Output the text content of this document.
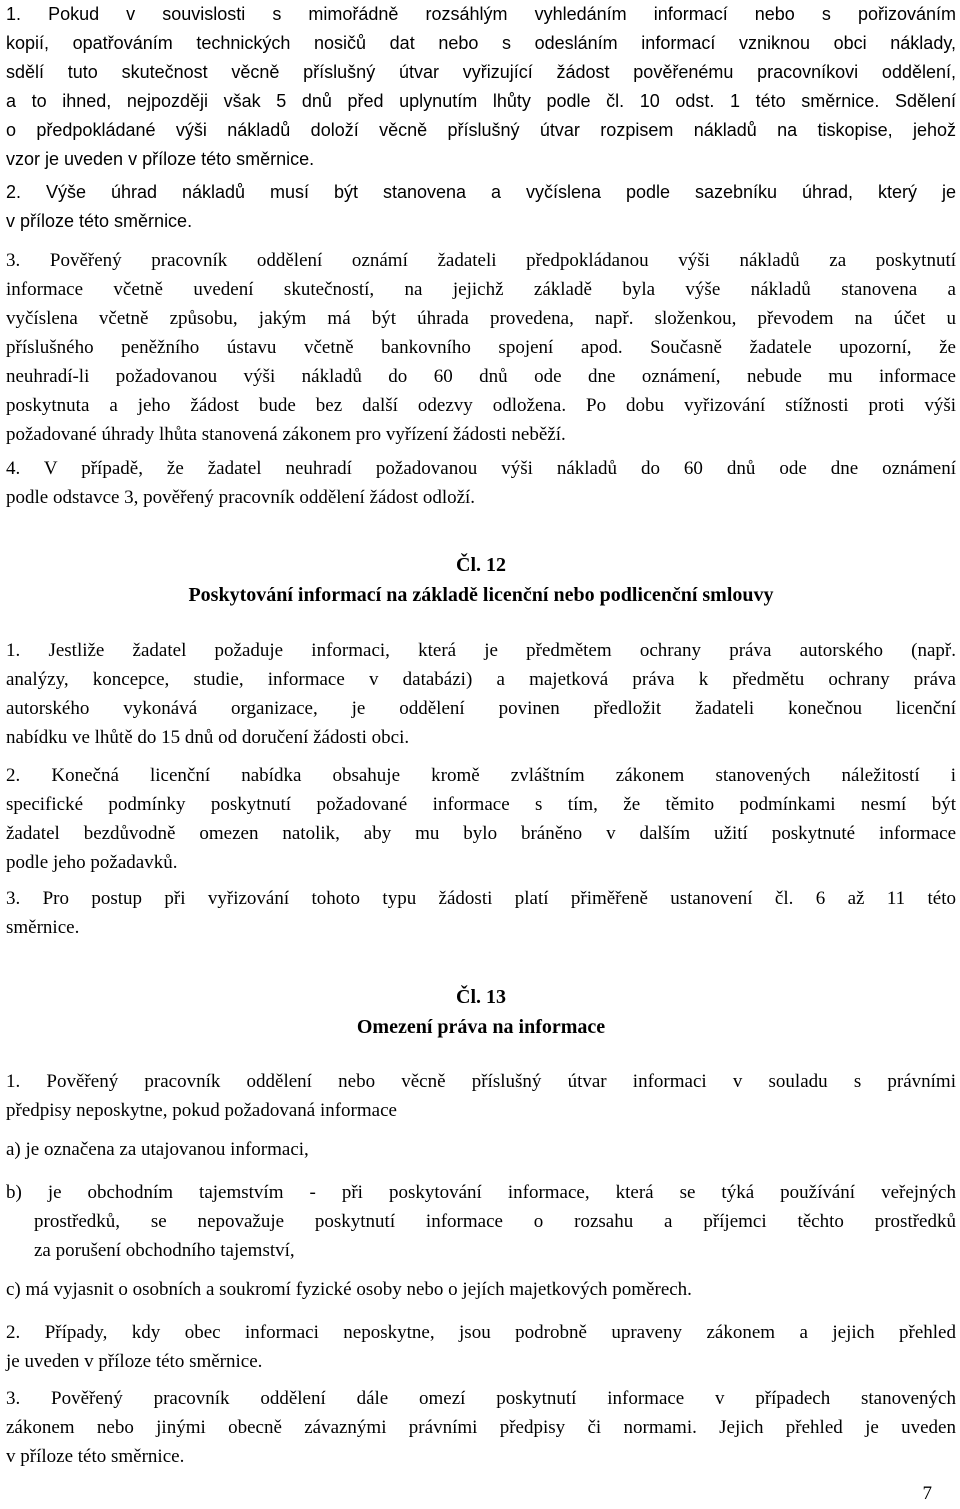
1. Pokud v souvislosti s mimořádně rozsáhlým vyhledáním informací nebo s pořizováním
kopií, opatřováním technických nosičů dat nebo s odesláním informací vzniknou obci náklady,
sdělí tuto skutečnost věcně příslušný útvar vyřizující žádost pověřenému pracovníkovi oddělení,
a to ihned, nejpozději však 5 dnů před uplynutím lhůty podle čl. 10 odst. 1 této směrnice. Sdělení
o předpokládané výši nákladů doloží věcně příslušný útvar rozpisem nákladů na tiskopise, jehož
vzor je uveden v příloze této směrnice.
2. Výše úhrad nákladů musí být stanovena a vyčíslena podle sazebníku úhrad, který je
v příloze této směrnice.
3. Pověřený pracovník oddělení oznámí žadateli předpokládanou výši nákladů za poskytnutí
informace včetně uvedení skutečností, na jejichž základě byla výše nákladů stanovena a
vyčíslena včetně způsobu, jakým má být úhrada provedena, např. složenkou, převodem na účet u
příslušného peněžního ústavu včetně bankovního spojení apod. Současně žadatele upozorní, že
neuhradí-li požadovanou výši nákladů do 60 dnů ode dne oznámení, nebude mu informace
poskytnuta a jeho žádost bude bez další odezvy odložena. Po dobu vyřizování stížnosti proti výši
požadované úhrady lhůta stanovená zákonem pro vyřízení žádosti neběží.
4. V případě, že žadatel neuhradí požadovanou výši nákladů do 60 dnů ode dne oznámení
podle odstavce 3, pověřený pracovník oddělení žádost odloží.
Čl. 12
Poskytování informací na základě licenční nebo podlicenční smlouvy
1. Jestliže žadatel požaduje informaci, která je předmětem ochrany práva autorského (např.
analýzy, koncepce, studie, informace v databázi) a majetková práva k předmětu ochrany práva
autorského vykonává organizace, je oddělení povinen předložit žadateli konečnou licenční
nabídku ve lhůtě do 15 dnů od doručení žádosti obci.
2. Konečná licenční nabídka obsahuje kromě zvláštním zákonem stanovených náležitostí i
specifické podmínky poskytnutí požadované informace s tím, že těmito podmínkami nesmí být
žadatel bezdůvodně omezen natolik, aby mu bylo bráněno v dalším užití poskytnuté informace
podle jeho požadavků.
3. Pro postup při vyřizování tohoto typu žádosti platí přiměřeně ustanovení čl. 6 až 11 této
směrnice.
Čl. 13
Omezení práva na informace
1. Pověřený pracovník oddělení nebo věcně příslušný útvar informaci v souladu s právními
předpisy neposkytne, pokud požadovaná informace
a) je označena za utajovanou informaci,
b) je obchodním tajemstvím - při poskytování informace, která se týká používání veřejných
prostředků, se nepovažuje poskytnutí informace o rozsahu a příjemci těchto prostředků
za porušení obchodního tajemství,
c) má vyjasnit o osobních a soukromí fyzické osoby nebo o jejích majetkových poměrech.
2. Případy, kdy obec informaci neposkytne, jsou podrobně upraveny zákonem a jejich přehled
je uveden v příloze této směrnice.
3. Pověřený pracovník oddělení dále omezí poskytnutí informace v případech stanovených
zákonem nebo jinými obecně závaznými právními předpisy či normami. Jejich přehled je uveden
v příloze této směrnice.
7
